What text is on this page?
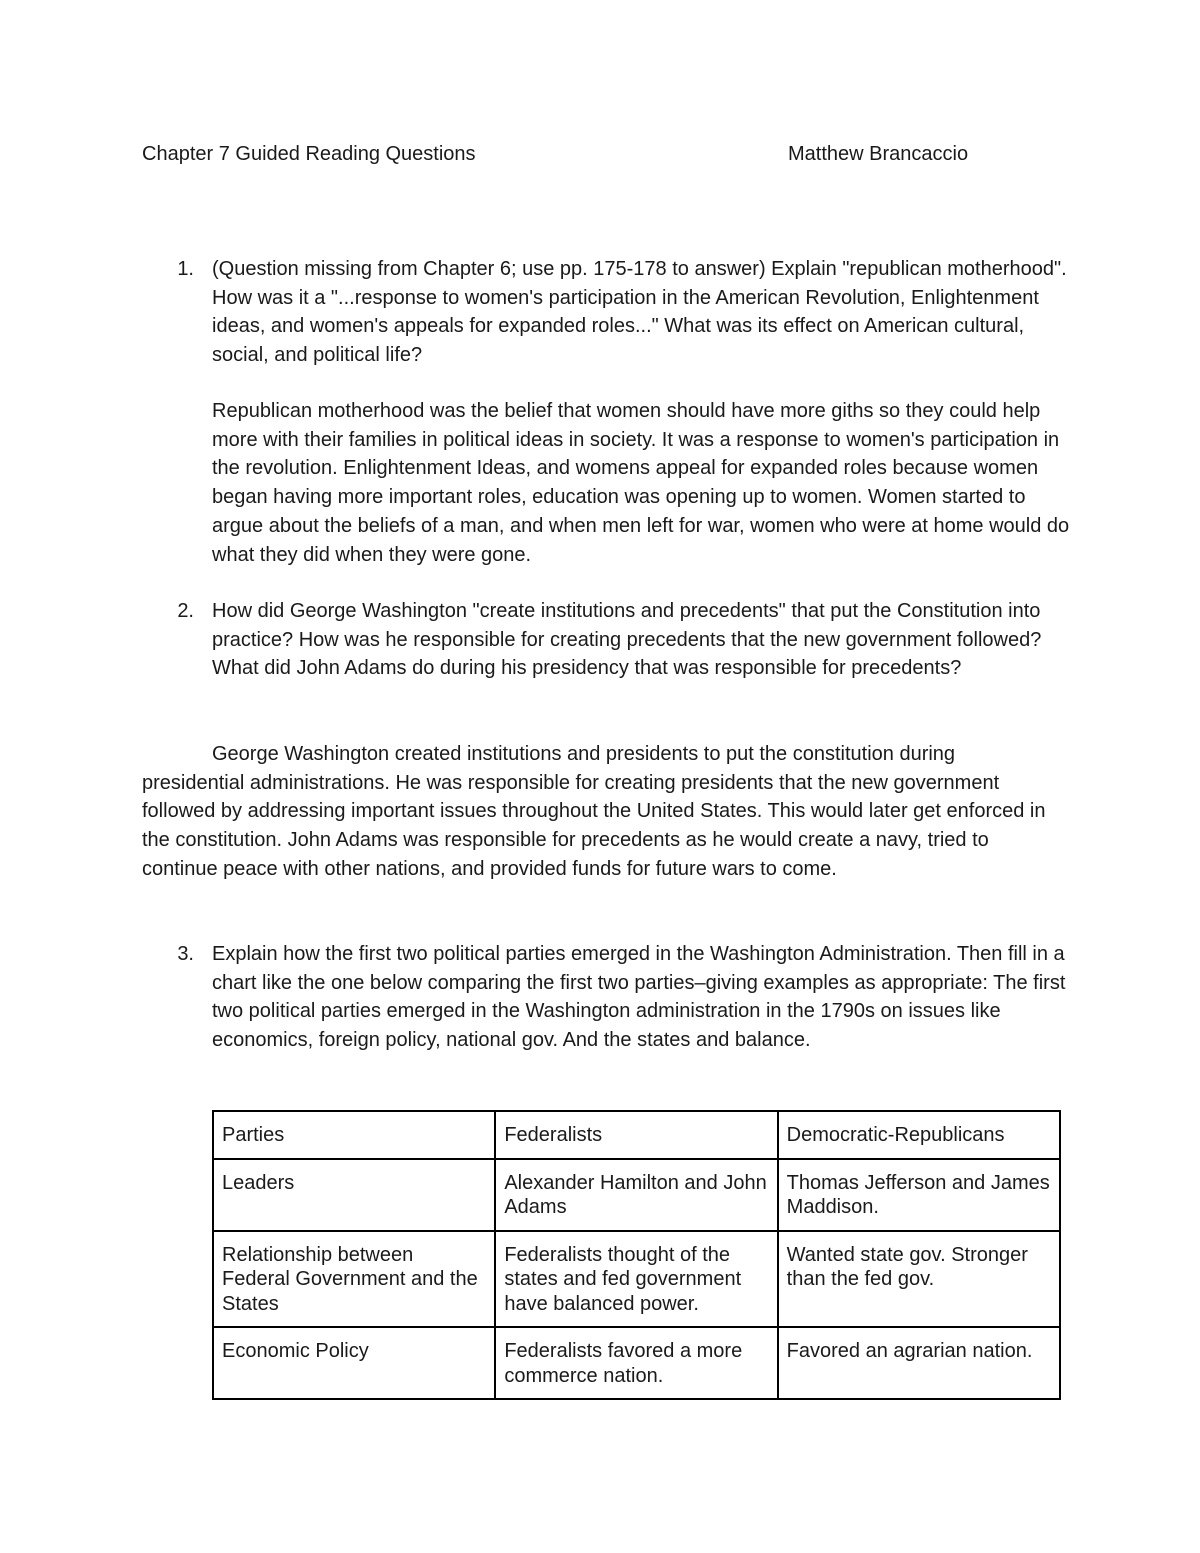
Chapter 7 Guided Reading Questions	Matthew Brancaccio
1. (Question missing from Chapter 6; use pp. 175-178 to answer) Explain "republican motherhood". How was it a "...response to women's participation in the American Revolution, Enlightenment ideas, and women's appeals for expanded roles..." What was its effect on American cultural, social, and political life?
Republican motherhood was the belief that women should have more giths so they could help more with their families in political ideas in society. It was a response to women's participation in the revolution. Enlightenment Ideas, and womens appeal for expanded roles because women began having more important roles, education was opening up to women. Women started to argue about the beliefs of a man, and when men left for war, women who were at home would do what they did when they were gone.
2. How did George Washington "create institutions and precedents" that put the Constitution into practice? How was he responsible for creating precedents that the new government followed? What did John Adams do during his presidency that was responsible for precedents?
George Washington created institutions and presidents to put the constitution during presidential administrations. He was responsible for creating presidents that the new government followed by addressing important issues throughout the United States. This would later get enforced in the constitution. John Adams was responsible for precedents as he would create a navy, tried to continue peace with other nations, and provided funds for future wars to come.
3. Explain how the first two political parties emerged in the Washington Administration. Then fill in a chart like the one below comparing the first two parties–giving examples as appropriate: The first two political parties emerged in the Washington administration in the 1790s on issues like economics, foreign policy, national gov. And the states and balance.
Parties	Federalists	Democratic-Republicans
Leaders	Alexander Hamilton and John Adams	Thomas Jefferson and James Maddison.
Relationship between Federal Government and the States	Federalists thought of the states and fed government have balanced power.	Wanted state gov. Stronger than the fed gov.
Economic Policy	Federalists favored a more commerce nation.	Favored an agrarian nation.
